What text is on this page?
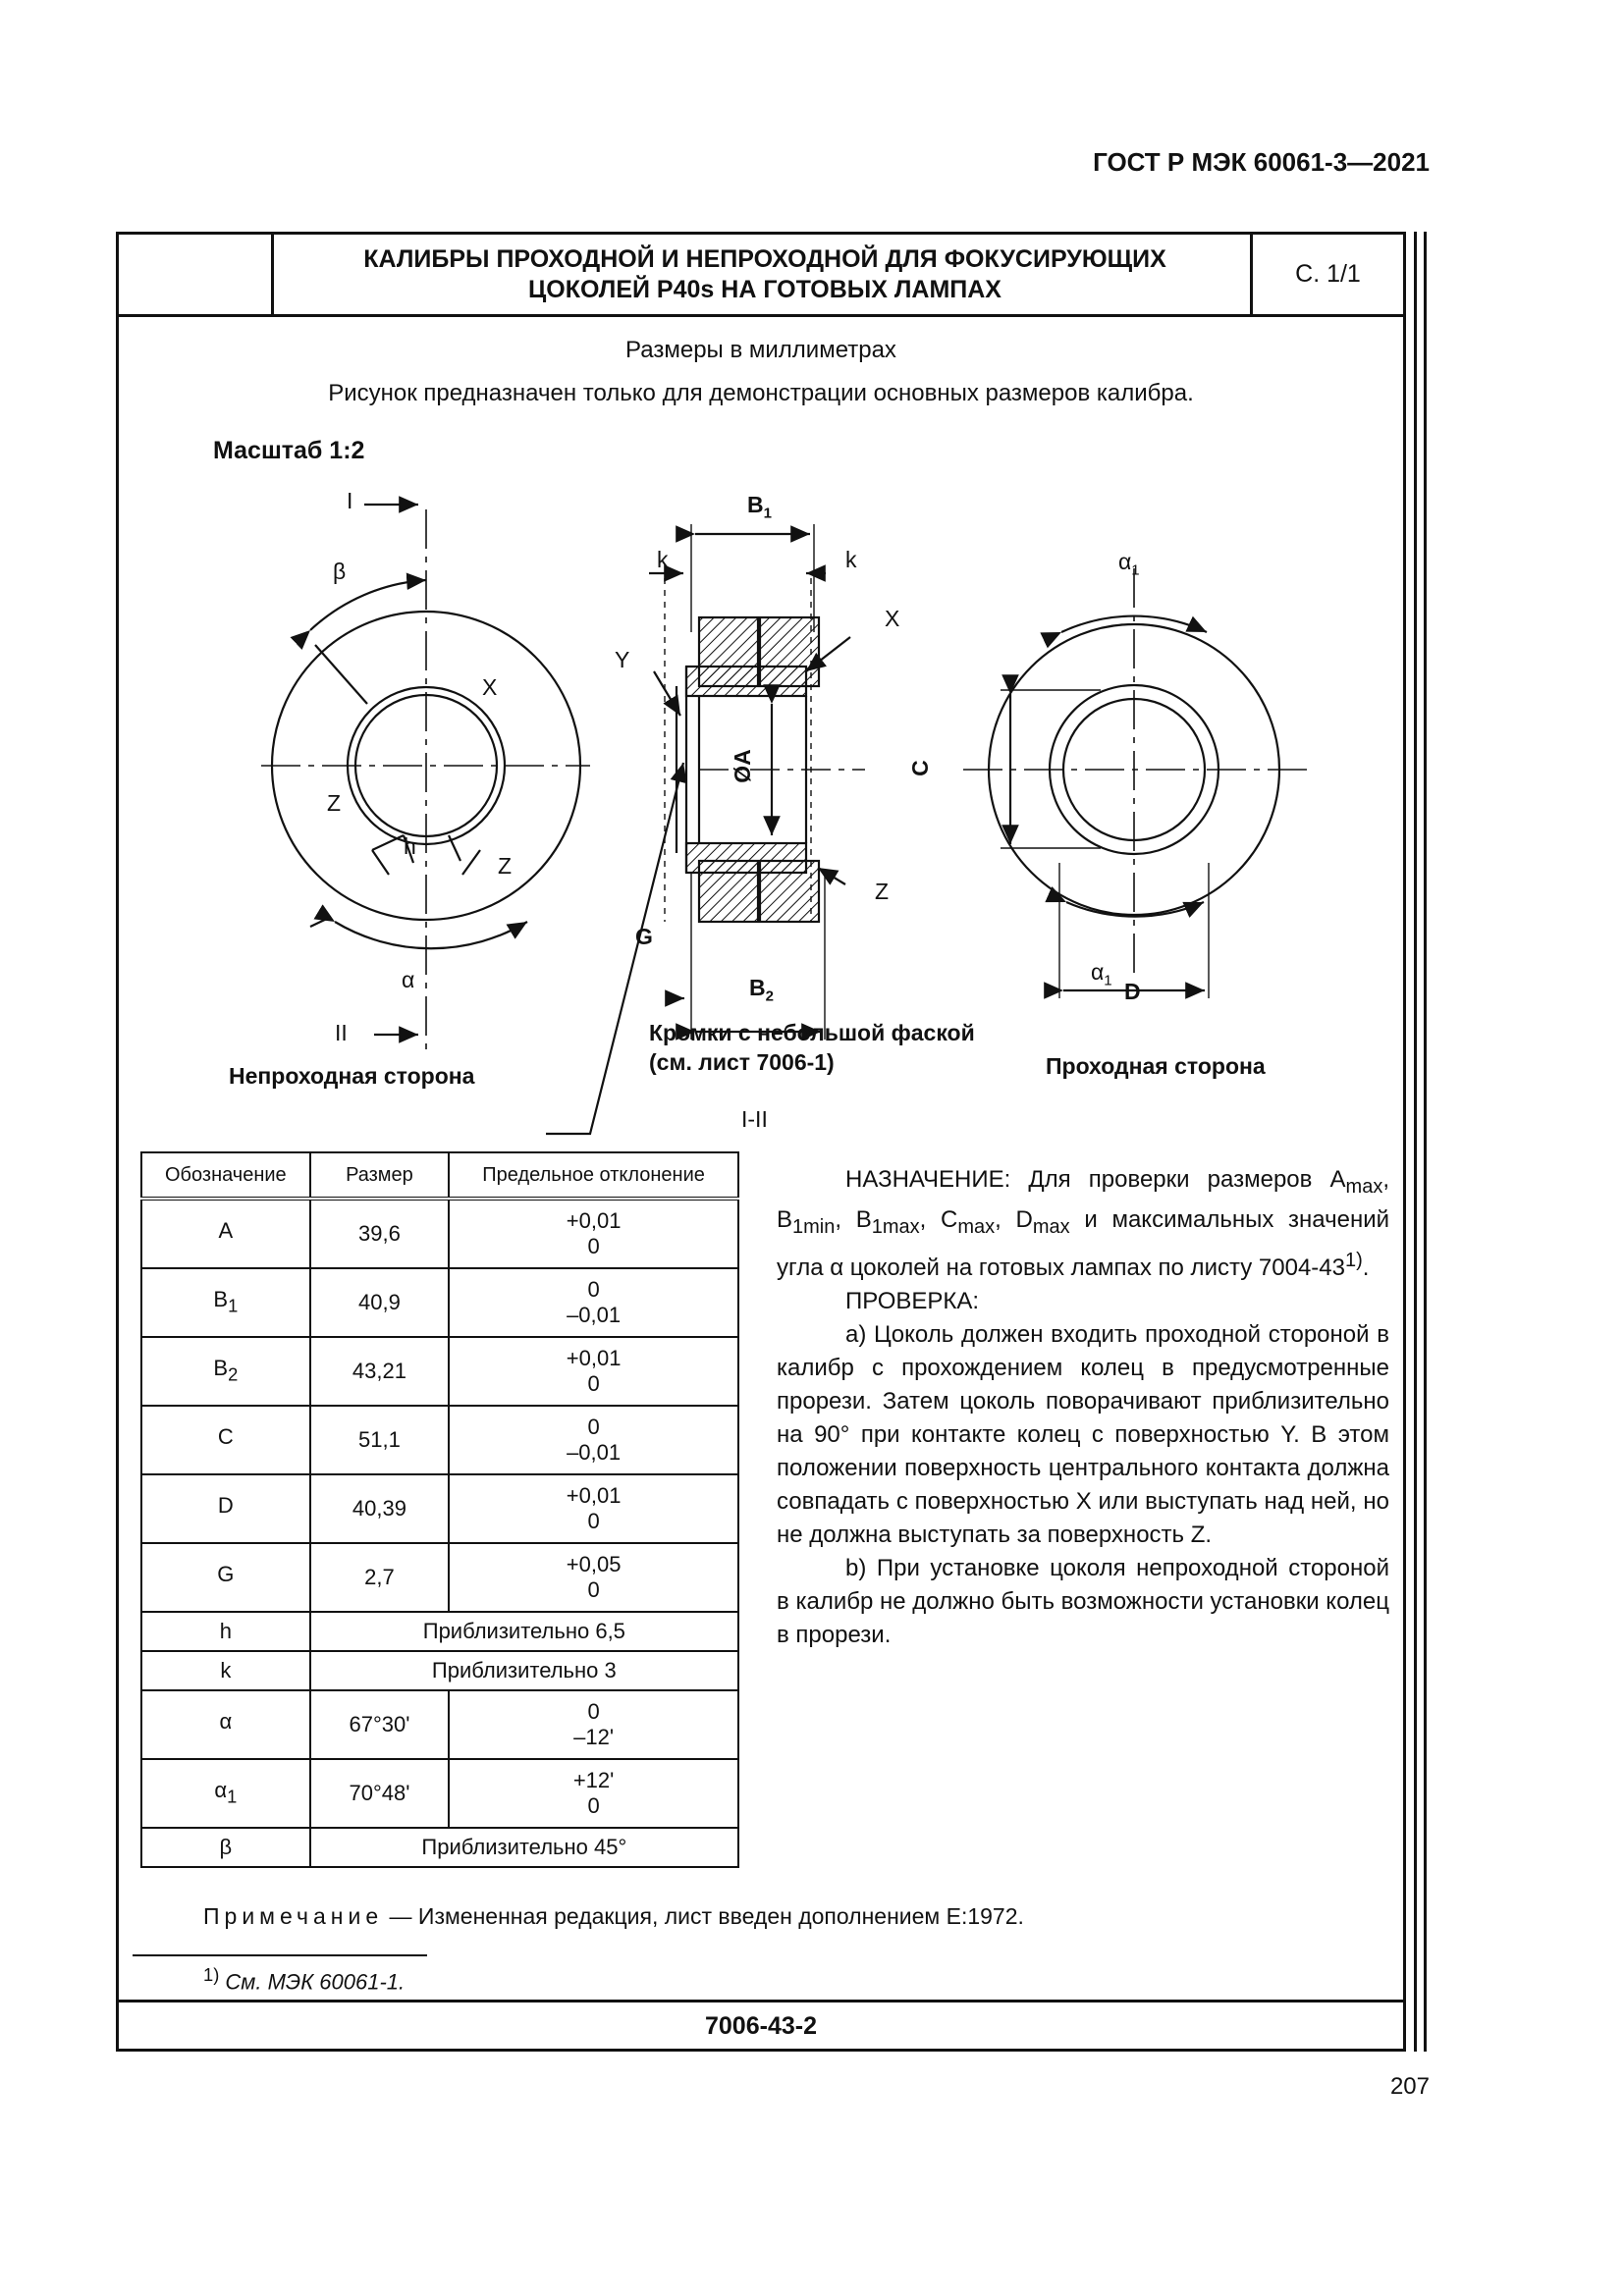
ГОСТ Р МЭК 60061-3—2021
КАЛИБРЫ ПРОХОДНОЙ И НЕПРОХОДНОЙ ДЛЯ ФОКУСИРУЮЩИХ
ЦОКОЛЕЙ P40s НА ГОТОВЫХ ЛАМПАХ
С. 1/1
Размеры в миллиметрах
Рисунок предназначен только для демонстрации основных размеров калибра.
Масштаб 1:2
I
II
β
α
X
Z
h
Z
$B_1$
k	k
X
Y
Z
ØA
G
$B_2$
$\alpha_1$
$\alpha_1$
C
D
Кромки с небольшой фаской
(см. лист 7006-1)
Непроходная сторона	Проходная сторона
I-II
Обозначение	Размер	Предельное отклонение
A	39,6	+0,01
0
$B_1$	40,9	0
–0,01
$B_2$	43,21	+0,01
0
C	51,1	0
–0,01
D	40,39	+0,01
0
G	2,7	+0,05
0
h	Приблизительно 6,5	
k	Приблизительно 3	
α	67°30'	0
–12'
$\alpha_1$	70°48'	+12'
0
β	Приблизительно 45°	

НАЗНАЧЕНИЕ: Для проверки размеров $A_{max}$, $B_{1min}$, $B_{1max}$, $C_{max}$, $D_{max}$ и максимальных значений угла α цоколей на готовых лампах по листу 7004-43$^{1)}$.

ПРОВЕРКА:

a) Цоколь должен входить проходной стороной в калибр с прохождением колец в предусмотренные прорези. Затем цоколь поворачивают приблизительно на 90° при контакте колец с поверхностью Y. В этом положении поверхность центрального контакта должна совпадать с поверхностью X или выступать над ней, но не должна выступать за поверхность Z.

b) При установке цоколя непроходной стороной в калибр не должно быть возможности установки колец в прорези.

Примечание — Измененная редакция, лист введен дополнением E:1972.
$^{1)}$ См. МЭК 60061-1.
7006-43-2
207
